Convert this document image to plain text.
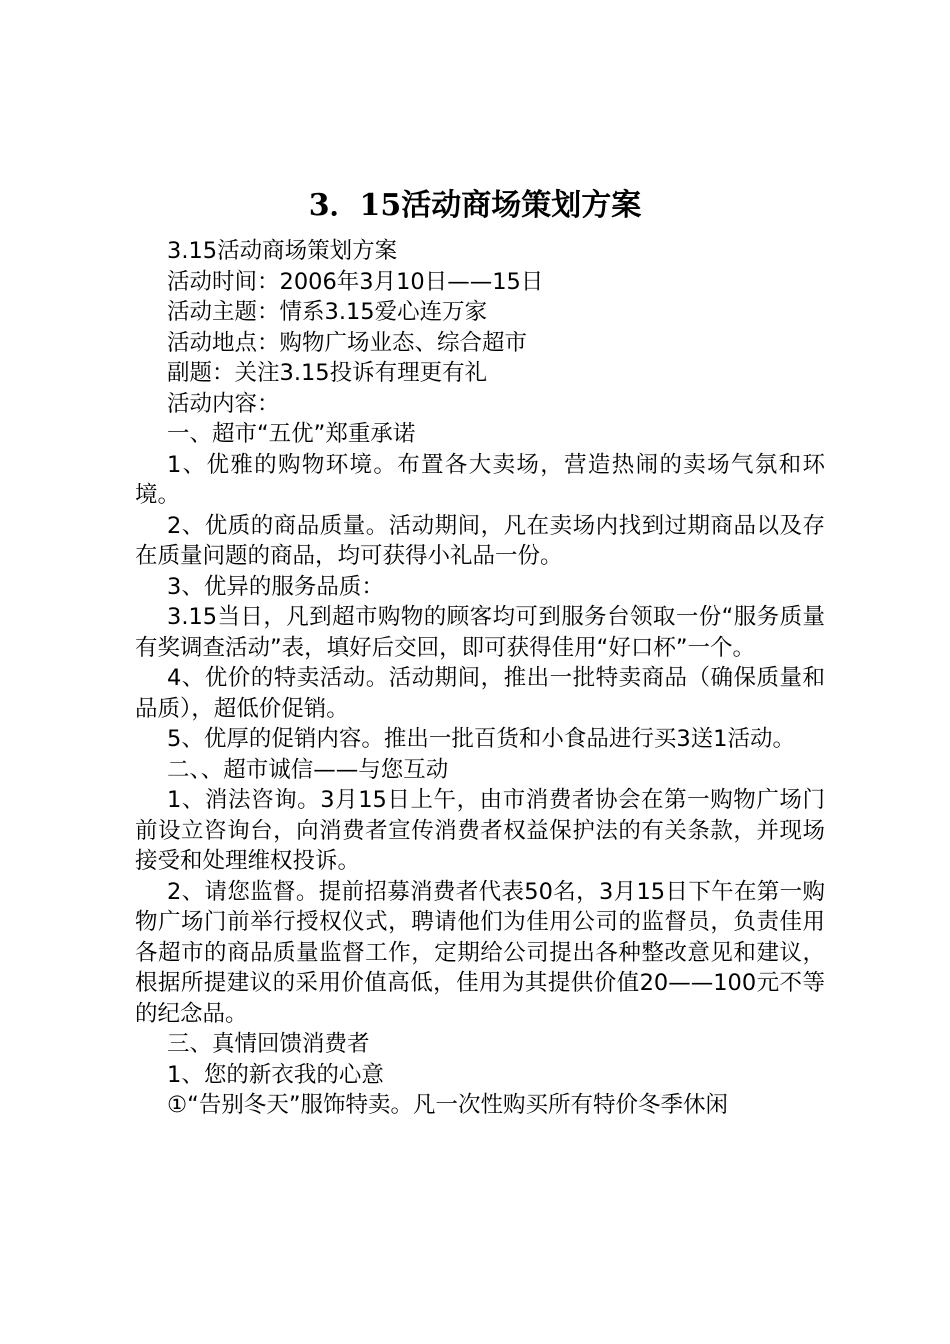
3．15活动商场策划方案

3.15活动商场策划方案

活动时间：2006年3月10日——15日

活动主题：情系3.15爱心连万家

活动地点：购物广场业态、综合超市

副题：关注3.15投诉有理更有礼

活动内容：

一、超市“五优”郑重承诺

1、优雅的购物环境。布置各大卖场，营造热闹的卖场气氛和环境。

2、优质的商品质量。活动期间，凡在卖场内找到过期商品以及存在质量问题的商品，均可获得小礼品一份。

3、优异的服务品质：

3.15当日，凡到超市购物的顾客均可到服务台领取一份“服务质量有奖调查活动”表，填好后交回，即可获得佳用“好口杯”一个。

4、优价的特卖活动。活动期间，推出一批特卖商品（确保质量和品质），超低价促销。

5、优厚的促销内容。推出一批百货和小食品进行买3送1活动。

二、、超市诚信——与您互动

1、消法咨询。3月15日上午，由市消费者协会在第一购物广场门前设立咨询台，向消费者宣传消费者权益保护法的有关条款，并现场接受和处理维权投诉。

2、请您监督。提前招募消费者代表50名，3月15日下午在第一购物广场门前举行授权仪式，聘请他们为佳用公司的监督员，负责佳用各超市的商品质量监督工作，定期给公司提出各种整改意见和建议，根据所提建议的采用价值高低，佳用为其提供价值20——100元不等的纪念品。

三、真情回馈消费者

1、您的新衣我的心意

①“告别冬天”服饰特卖。凡一次性购买所有特价冬季休闲
